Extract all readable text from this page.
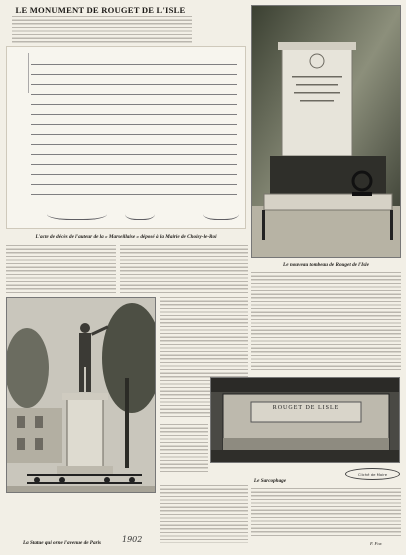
LE MONUMENT DE ROUGET DE L'ISLE
L'acte de décès de l'auteur de la « Marseillaise » déposé à la Mairie de Choisy-le-Roi
Le nouveau tombeau de Rouget de l'Isle
ROUGET DE LISLE
Le Sarcophage
Cliché de Moire
La Statue qui orne l'avenue de Paris	1902	F. Fox
